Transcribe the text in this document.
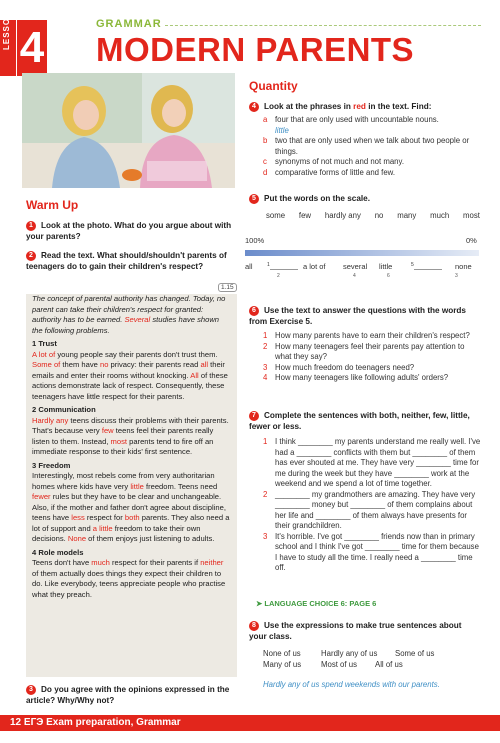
LESSON 4	GRAMMAR
MODERN PARENTS
Warm Up
1 Look at the photo. What do you argue about with your parents?
2 Read the text. What should/shouldn't parents of teenagers do to gain their children's respect?
1.15

The concept of parental authority has changed. Today, no parent can take their children's respect for granted: authority has to be earned. Several studies have shown the following problems.

1 Trust

A lot of young people say their parents don't trust them. Some of them have no privacy: their parents read all their emails and enter their rooms without knocking. All of these actions demonstrate lack of respect. Consequently, these teenagers have little respect for their parents.

2 Communication

Hardly any teens discuss their problems with their parents. That's because very few teens feel their parents really listen to them. Instead, most parents tend to fire off an immediate response to their kids' first sentence.

3 Freedom

Interestingly, most rebels come from very authoritarian homes where kids have very little freedom. Teens need fewer rules but they have to be clear and unchangeable. Also, if the mother and father don't agree about discipline, teens have less respect for both parents. They also need a lot of support and a little freedom to take their own decisions. None of them enjoys just listening to adults.

4 Role models

Teens don't have much respect for their parents if neither of them actually does things they expect their children to do. Like everybody, teens appreciate people who practise what they preach.

3 Do you agree with the opinions expressed in the article? Why/Why not?
Quantity
4 Look at the phrases in red in the text. Find:
a four that are only used with uncountable nouns.
little
b two that are only used when we talk about two people or things.
c	synonyms of not much and not many.
d comparative forms of little and few.
5 Put the words on the scale.
some few hardly any no many much most
100%	0%
all	$^1$	a lot of several little	$^5$	none
2	4	6	3
6 Use the text to answer the questions with the words from Exercise 5.
1 How many parents have to earn their children's respect?
2 How many teenagers feel their parents pay attention to what they say?
3 How much freedom do teenagers need?
4 How many teenagers like following adults' orders?
7 Complete the sentences with both, neither, few, little, fewer or less.
1 I think ________ my parents understand me really well. I've had a ________ conflicts with them but ________ of them has ever shouted at me. They have very ________ time for me during the week but they have ________ work at the weekend and we spend a lot of time together.
2 ________ my grandmothers are amazing. They have very ________ money but ________ of them complains about her life and ________ of them always have presents for their grandchildren.
3 It's horrible. I've got ________ friends now than in primary school and I think I've got ________ time for them because I have to study all the time. I really need a ________ time off.
➤ LANGUAGE CHOICE 6: PAGE 6
8 Use the expressions to make true sentences about your class.
None of us	Hardly any of us Some of us
Many of us	Most of us All of us
Hardly any of us spend weekends with our parents.
12 ЕГЭ Exam preparation, Grammar
